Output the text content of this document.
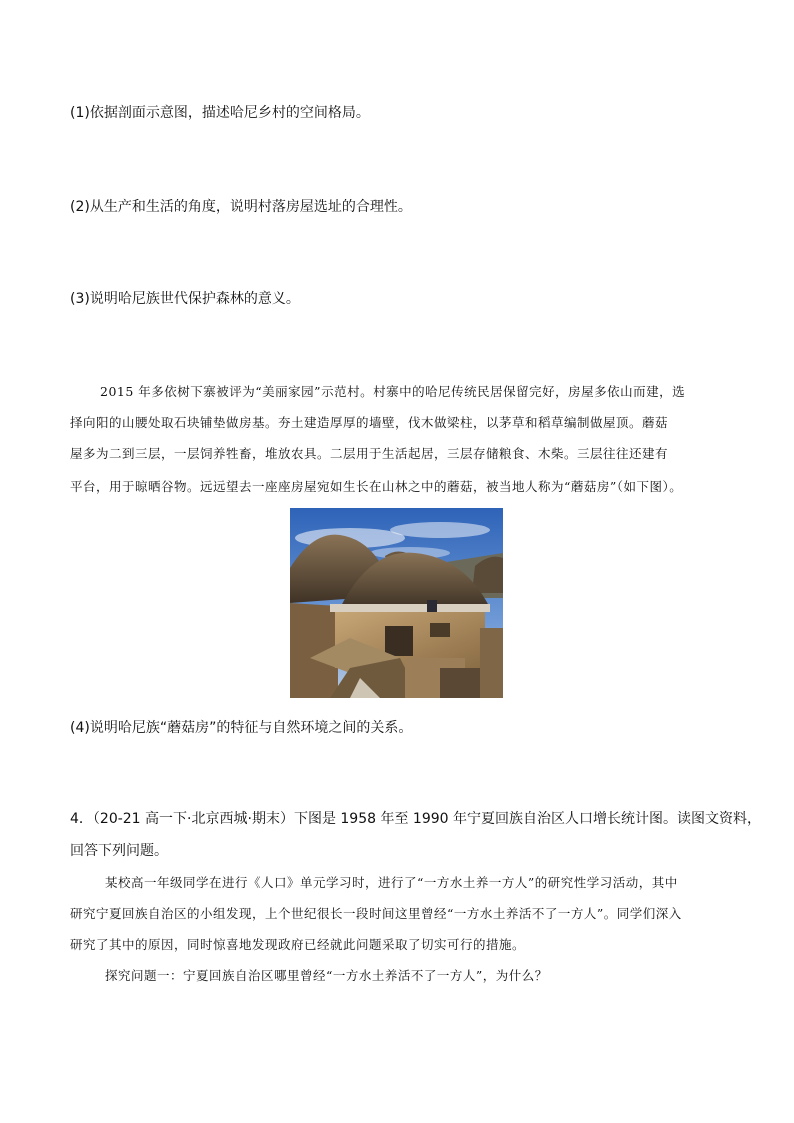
(1)依据剖面示意图，描述哈尼乡村的空间格局。
(2)从生产和生活的角度，说明村落房屋选址的合理性。
(3)说明哈尼族世代保护森林的意义。
2015 年多依树下寨被评为“美丽家园”示范村。村寨中的哈尼传统民居保留完好，房屋多依山而建，选
择向阳的山腰处取石块铺垫做房基。夯土建造厚厚的墙壁，伐木做梁柱，以茅草和稻草编制做屋顶。蘑菇
屋多为二到三层，一层饲养牲畜，堆放农具。二层用于生活起居，三层存储粮食、木柴。三层往往还建有
平台，用于晾晒谷物。远远望去一座座房屋宛如生长在山林之中的蘑菇，被当地人称为“蘑菇房”（如下图）。
(4)说明哈尼族“蘑菇房”的特征与自然环境之间的关系。
4．（20-21 高一下·北京西城·期末）下图是 1958 年至 1990 年宁夏回族自治区人口增长统计图。读图文资料，
回答下列问题。
某校高一年级同学在进行《人口》单元学习时，进行了“一方水土养一方人”的研究性学习活动，其中
研究宁夏回族自治区的小组发现，上个世纪很长一段时间这里曾经“一方水土养活不了一方人”。同学们深入
研究了其中的原因，同时惊喜地发现政府已经就此问题采取了切实可行的措施。
探究问题一：宁夏回族自治区哪里曾经“一方水土养活不了一方人”，为什么？
